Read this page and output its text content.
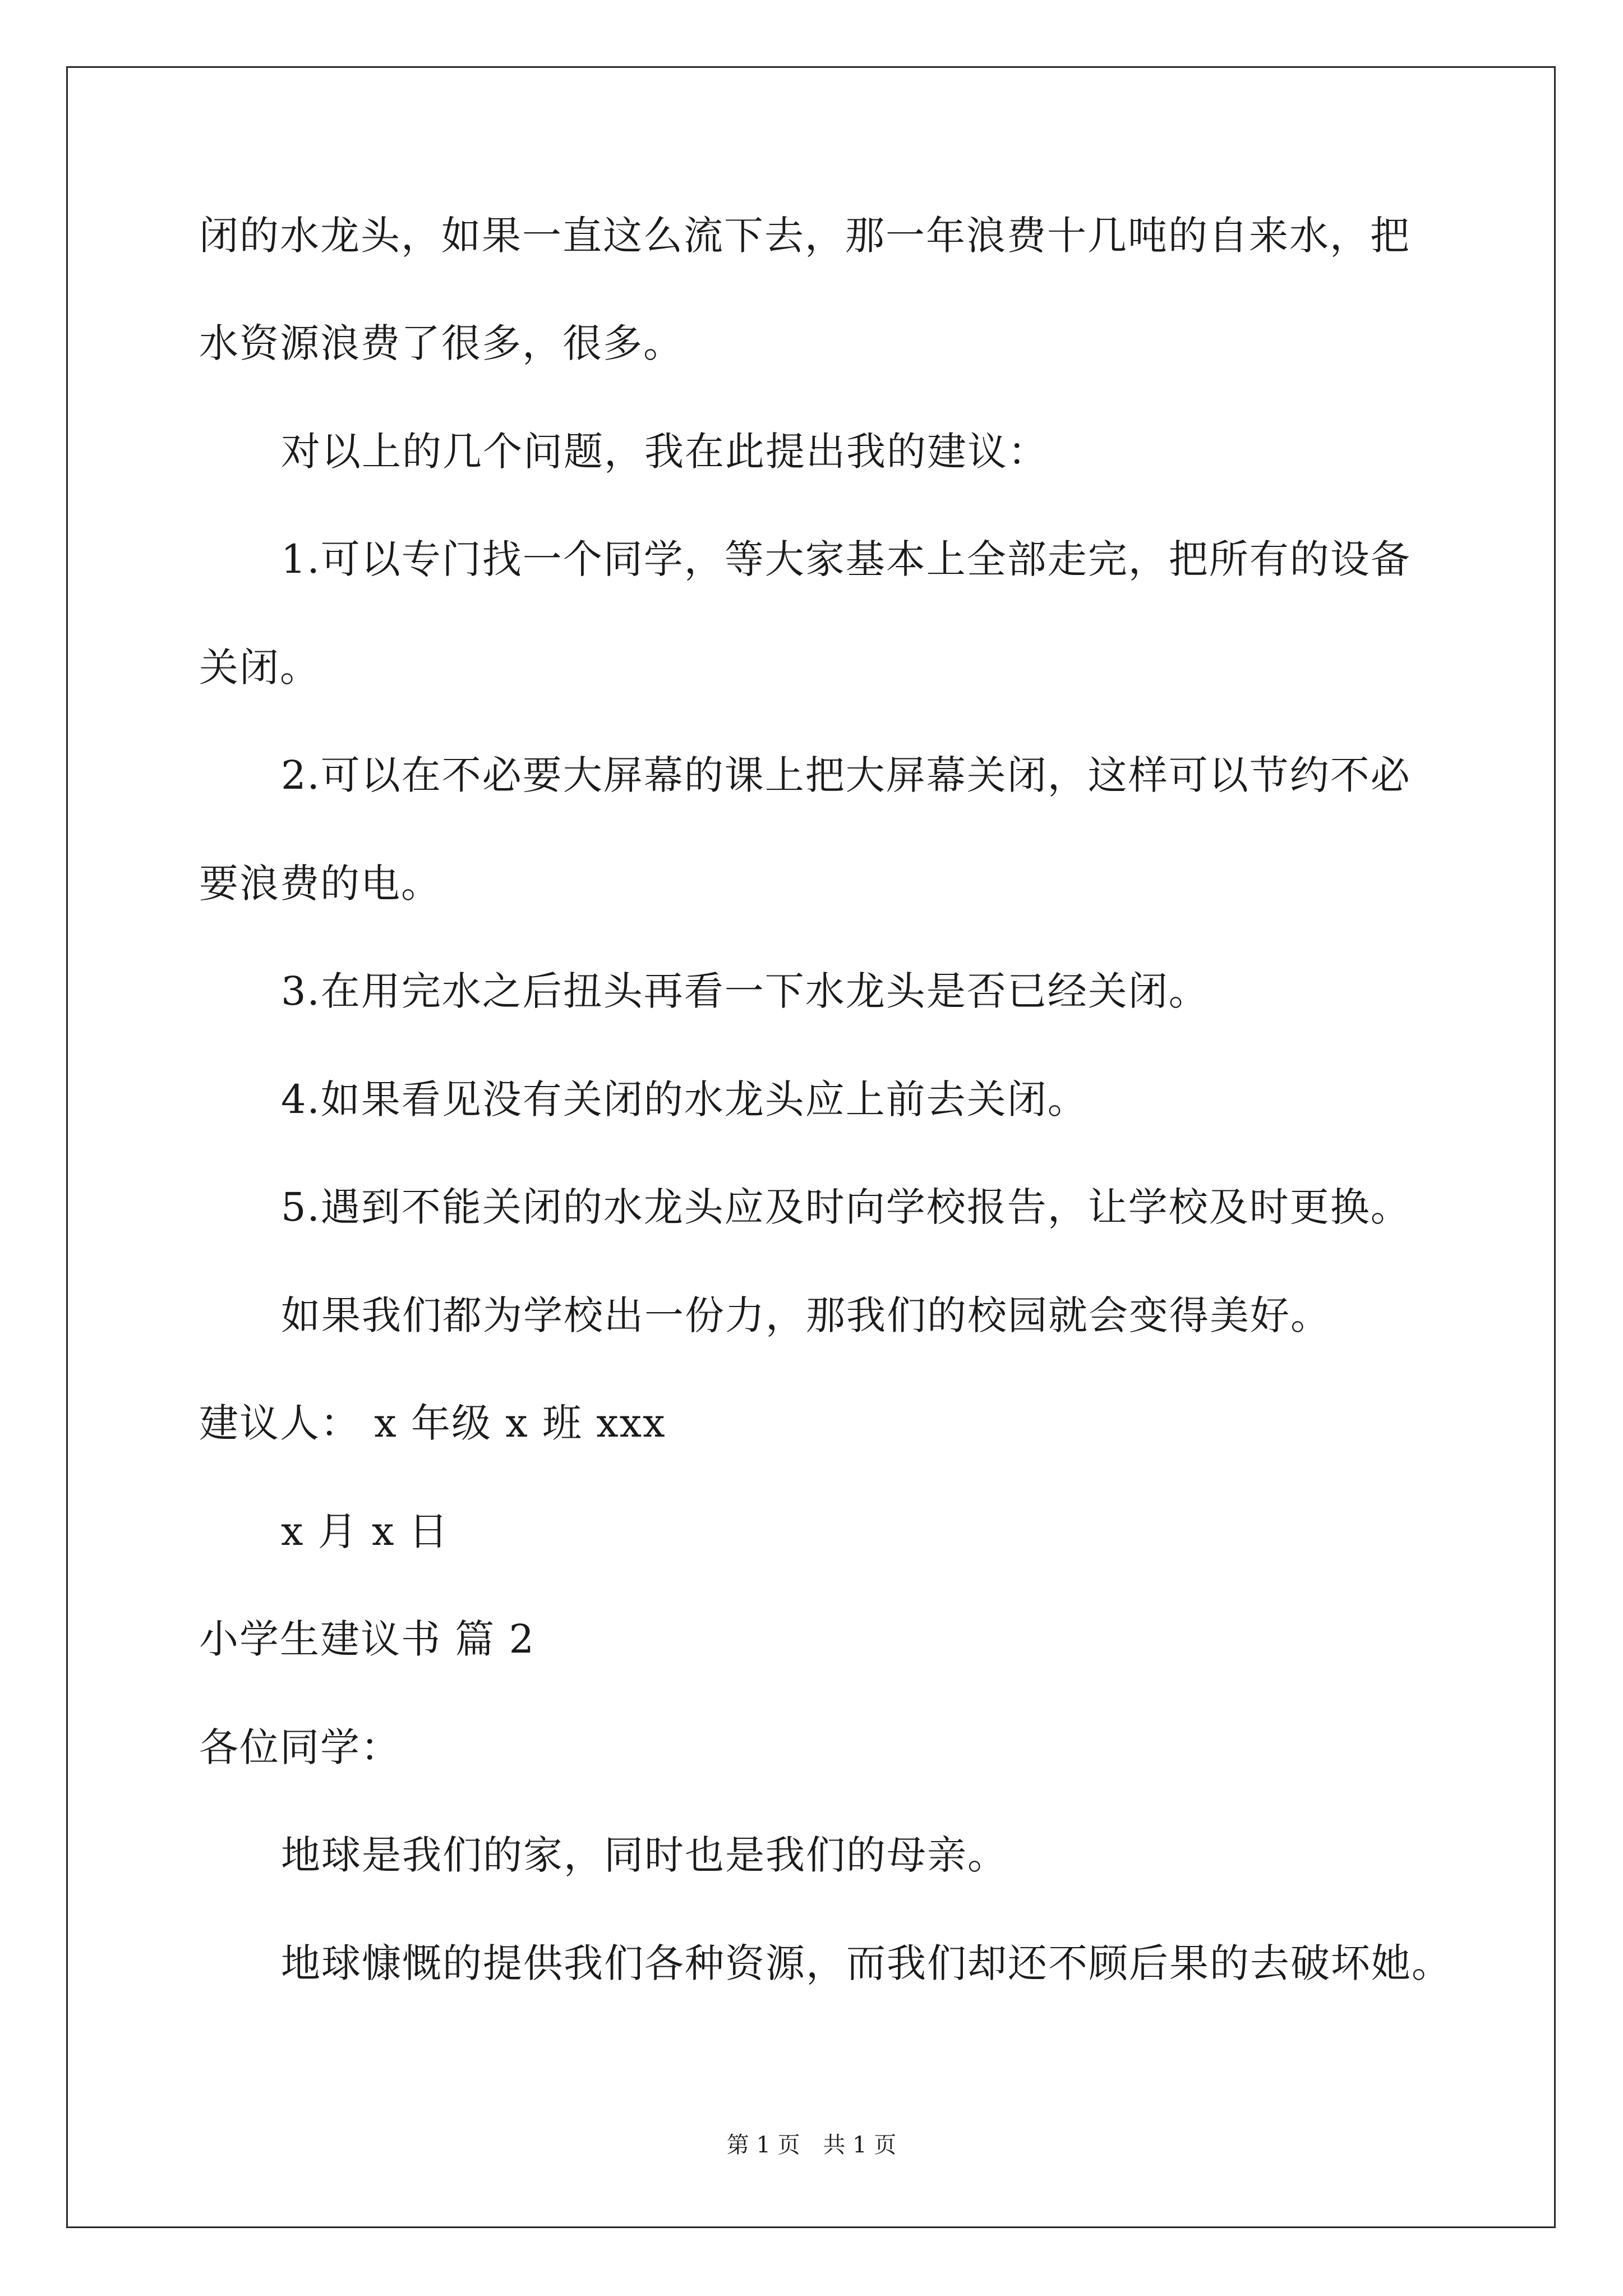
闭的水龙头，如果一直这么流下去，那一年浪费十几吨的自来水，把
水资源浪费了很多，很多。
对以上的几个问题，我在此提出我的建议：
1.可以专门找一个同学，等大家基本上全部走完，把所有的设备
关闭。
2.可以在不必要大屏幕的课上把大屏幕关闭，这样可以节约不必
要浪费的电。
3.在用完水之后扭头再看一下水龙头是否已经关闭。
4.如果看见没有关闭的水龙头应上前去关闭。
5.遇到不能关闭的水龙头应及时向学校报告，让学校及时更换。
如果我们都为学校出一份力，那我们的校园就会变得美好。
建议人： x 年级 x 班 xxx
x 月 x 日
小学生建议书 篇 2
各位同学：
地球是我们的家，同时也是我们的母亲。
地球慷慨的提供我们各种资源，而我们却还不顾后果的去破坏她。
第 1 页 共 1 页
